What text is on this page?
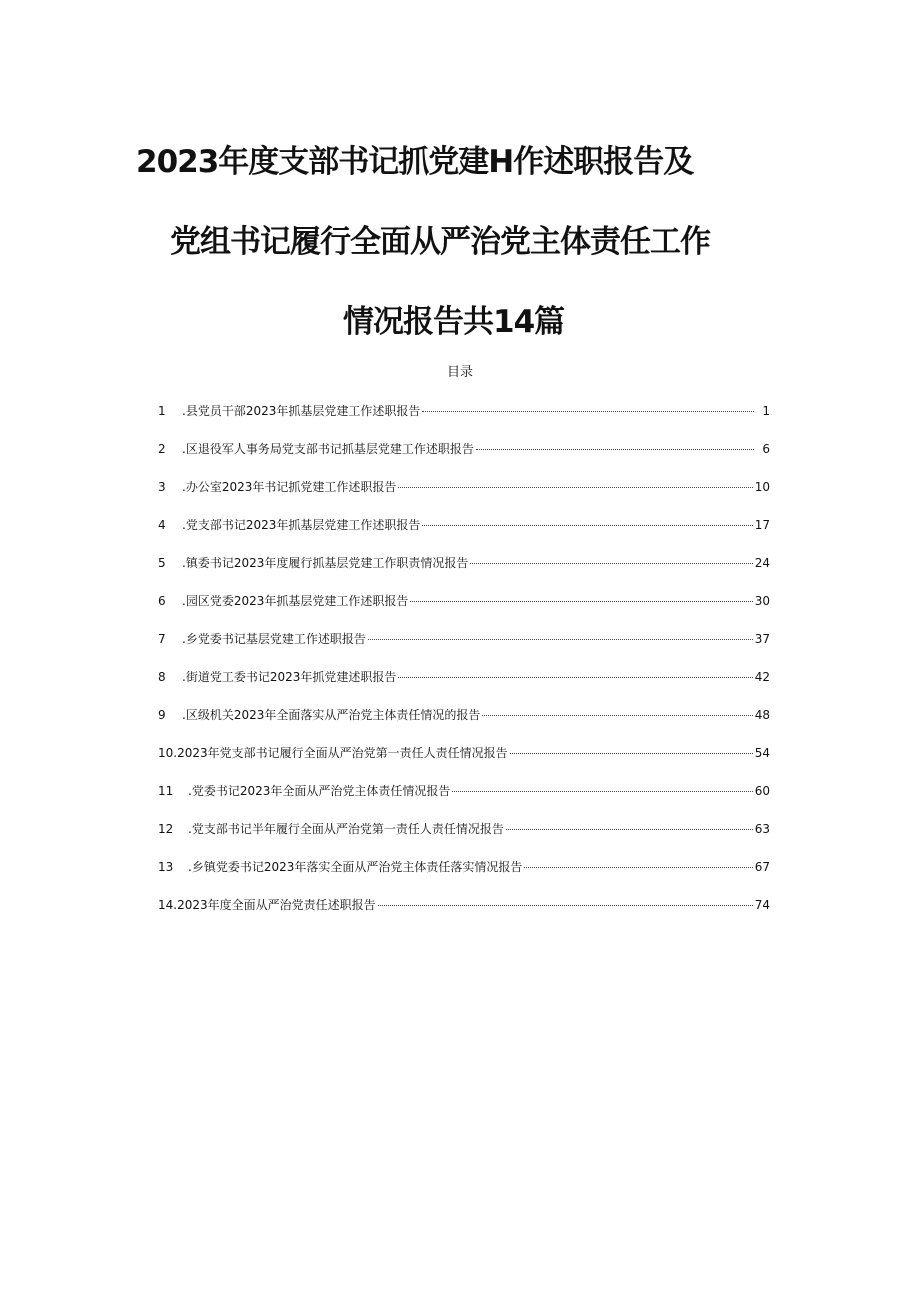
2023年度支部书记抓党建H作述职报告及
党组书记履行全面从严治党主体责任工作
情况报告共14篇
目录
1	.县党员干部2023年抓基层党建工作述职报告	1
2	.区退役军人事务局党支部书记抓基层党建工作述职报告	6
3	.办公室2023年书记抓党建工作述职报告	10
4	.党支部书记2023年抓基层党建工作述职报告	17
5	.镇委书记2023年度履行抓基层党建工作职责情况报告	24
6	.园区党委2023年抓基层党建工作述职报告	30
7	.乡党委书记基层党建工作述职报告	37
8	.街道党工委书记2023年抓党建述职报告	42
9	.区级机关2023年全面落实从严治党主体责任情况的报告	48
10. 2023年党支部书记履行全面从严治党第一责任人责任情况报告	54
11	.党委书记2023年全面从严治党主体责任情况报告	60
12	.党支部书记半年履行全面从严治党第一责任人责任情况报告	63
13	.乡镇党委书记2023年落实全面从严治党主体责任落实情况报告	67
14. 2023年度全面从严治党责任述职报告	74
